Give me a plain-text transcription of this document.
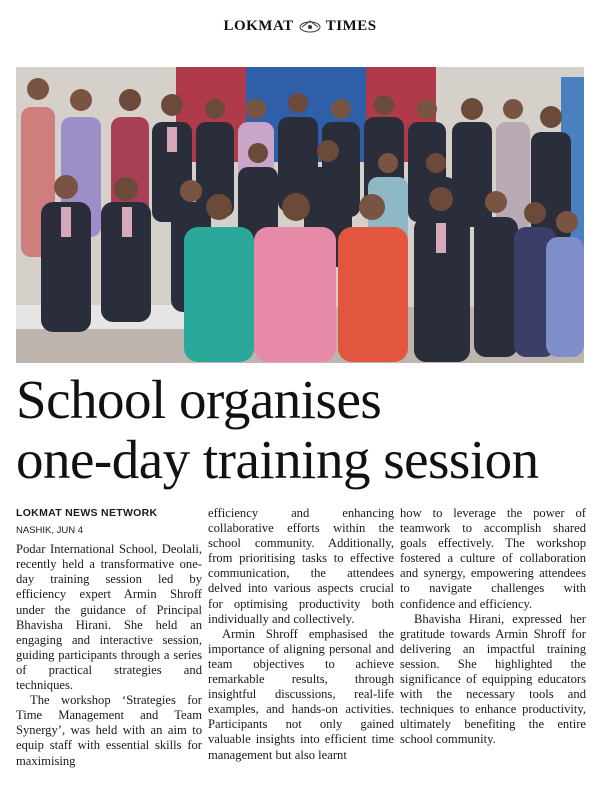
LOKMAT TIMES
School organises
one-day training session
LOKMAT NEWS NETWORK
NASHIK, JUN 4

Podar International School, Deolali, recently held a transformative one-day training session led by efficiency expert Armin Shroff under the guidance of Principal Bhavisha Hirani. She held an engaging and interactive session, guiding participants through a series of practical strategies and techniques.

The workshop ‘Strategies for Time Management and Team Synergy’, was held with an aim to equip staff with essential skills for maximising

efficiency and enhancing collaborative efforts within the school community. Additionally, from prioritising tasks to effective communication, the attendees delved into various aspects crucial for optimising productivity both individually and collectively.

Armin Shroff emphasised the importance of aligning personal and team objectives to achieve remarkable results, through insightful discussions, real-life examples, and hands-on activities. Participants not only gained valuable insights into efficient time management but also learnt

how to leverage the power of teamwork to accomplish shared goals effectively. The workshop fostered a culture of collaboration and synergy, empowering attendees to navigate challenges with confidence and efficiency.

Bhavisha Hirani, expressed her gratitude towards Armin Shroff for delivering an impactful training session. She highlighted the significance of equipping educators with the necessary tools and techniques to enhance productivity, ultimately benefiting the entire school community.
